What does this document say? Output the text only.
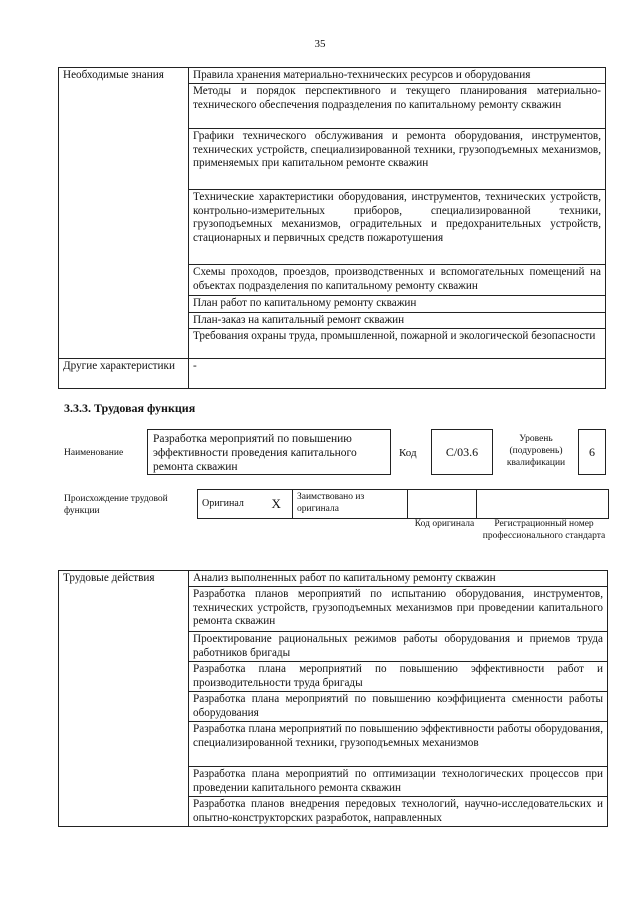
35
Необходимые знания	Правила хранения материально-технических ресурсов и оборудования
	Методы и порядок перспективного и текущего планирования материально-технического обеспечения подразделения по капитальному ремонту скважин
	Графики технического обслуживания и ремонта оборудования, инструментов, технических устройств, специализированной техники, грузоподъемных механизмов, применяемых при капитальном ремонте скважин
	Технические характеристики оборудования, инструментов, технических устройств, контрольно-измерительных приборов, специализированной техники, грузоподъемных механизмов, оградительных и предохранительных устройств, стационарных и первичных средств пожаротушения
	Схемы проходов, проездов, производственных и вспомогательных помещений на объектах подразделения по капитальному ремонту скважин
	План работ по капитальному ремонту скважин
	План-заказ на капитальный ремонт скважин
	Требования охраны труда, промышленной, пожарной и экологической безопасности
Другие характеристики	-
3.3.3. Трудовая функция
Наименование
Разработка мероприятий по повышению эффективности проведения капитального ремонта скважин
Код	C/03.6
Уровень (подуровень) квалификации
6
Происхождение трудовой функции
Оригинал	X	Заимствовано из оригинала		
Код оригинала	Регистрационный номер профессионального стандарта
Трудовые действия	Анализ выполненных работ по капитальному ремонту скважин
Разработка планов мероприятий по испытанию оборудования, инструментов, технических устройств, грузоподъемных механизмов при проведении капитального ремонта скважин
Проектирование рациональных режимов работы оборудования и приемов труда работников бригады
Разработка плана мероприятий по повышению эффективности работ и производительности труда бригады
Разработка плана мероприятий по повышению коэффициента сменности работы оборудования
Разработка плана мероприятий по повышению эффективности работы оборудования, специализированной техники, грузоподъемных механизмов
Разработка плана мероприятий по оптимизации технологических процессов при проведении капитального ремонта скважин
Разработка планов внедрения передовых технологий, научно-исследовательских и опытно-конструкторских разработок, направленных
